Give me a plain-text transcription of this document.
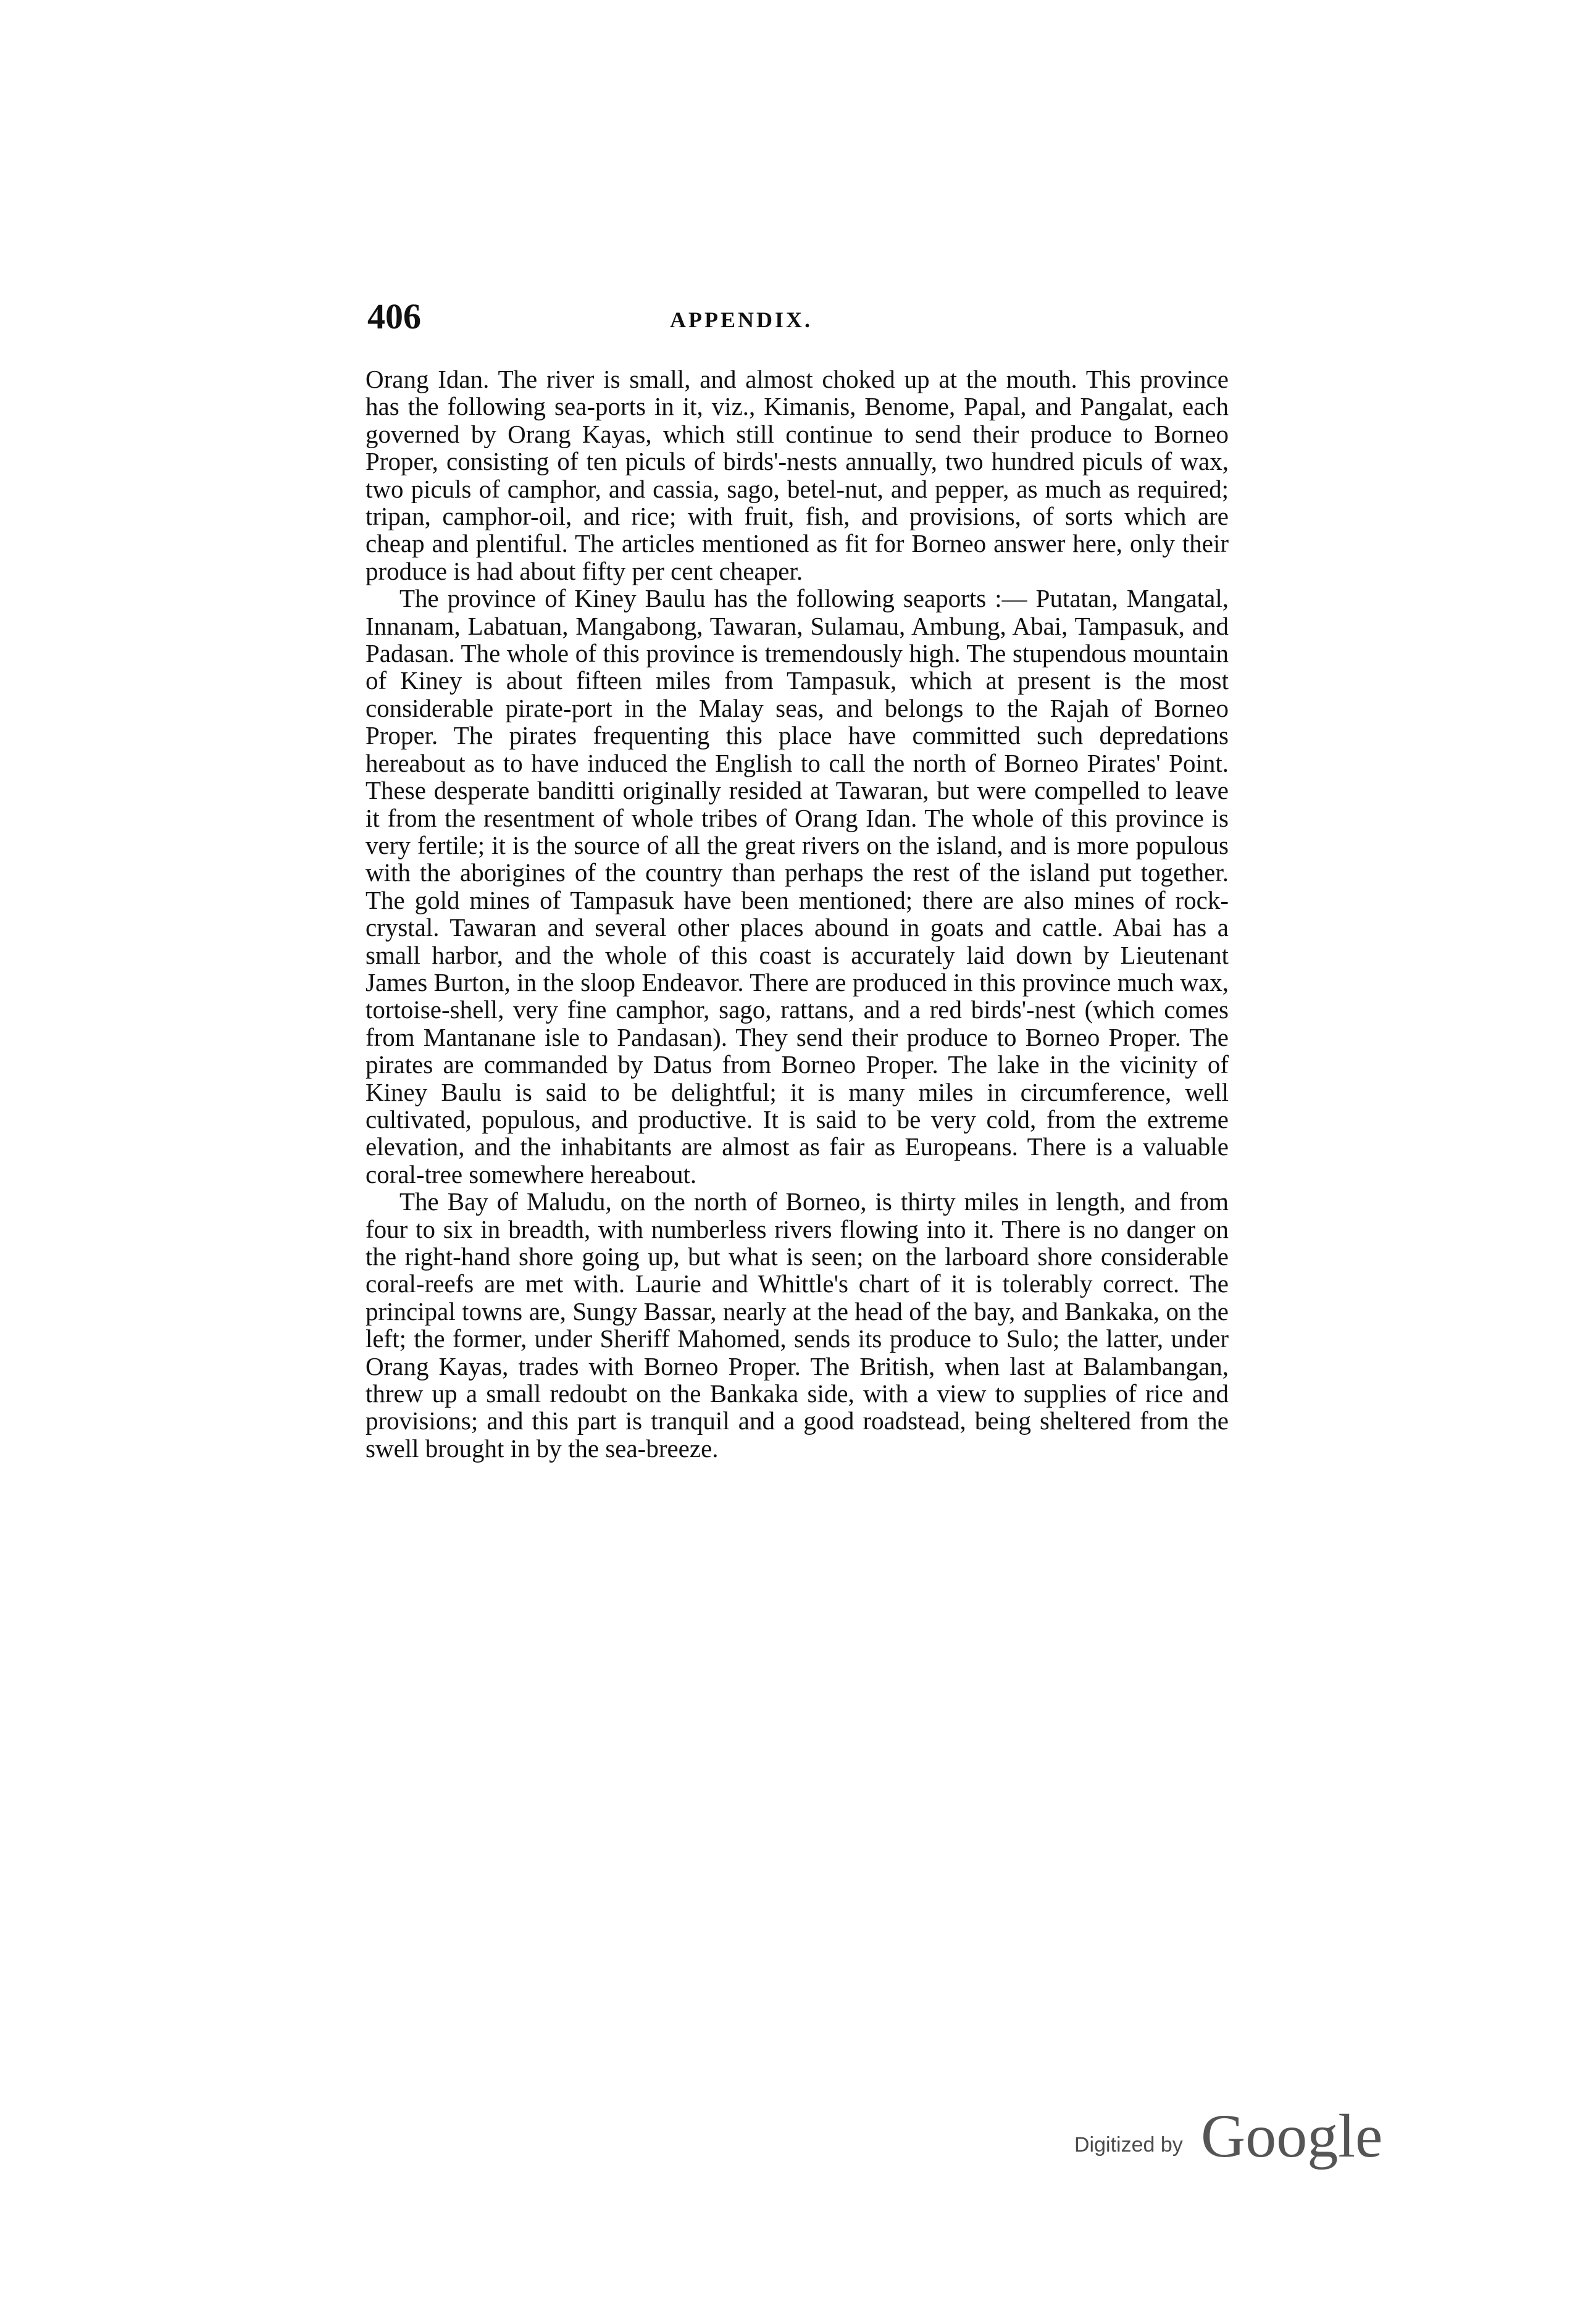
406	APPENDIX.

Orang Idan. The river is small, and almost choked up at the mouth. This province has the following sea-ports in it, viz., Kimanis, Benome, Papal, and Pangalat, each governed by Orang Kayas, which still continue to send their produce to Borneo Proper, consisting of ten piculs of birds'-nests annually, two hundred piculs of wax, two piculs of camphor, and cassia, sago, betel-nut, and pepper, as much as required; tripan, camphor-oil, and rice; with fruit, fish, and provisions, of sorts which are cheap and plentiful. The articles mentioned as fit for Borneo answer here, only their produce is had about fifty per cent cheaper.

The province of Kiney Baulu has the following seaports :— Putatan, Mangatal, Innanam, Labatuan, Mangabong, Tawaran, Sulamau, Ambung, Abai, Tampasuk, and Padasan. The whole of this province is tremendously high. The stupendous mountain of Kiney is about fifteen miles from Tampasuk, which at present is the most considerable pirate-port in the Malay seas, and belongs to the Rajah of Borneo Proper. The pirates frequenting this place have committed such depredations hereabout as to have induced the English to call the north of Borneo Pirates' Point. These desperate banditti originally resided at Tawaran, but were compelled to leave it from the resentment of whole tribes of Orang Idan. The whole of this province is very fertile; it is the source of all the great rivers on the island, and is more populous with the aborigines of the country than perhaps the rest of the island put together. The gold mines of Tampasuk have been mentioned; there are also mines of rock-crystal. Tawaran and several other places abound in goats and cattle. Abai has a small harbor, and the whole of this coast is accurately laid down by Lieutenant James Burton, in the sloop Endeavor. There are produced in this province much wax, tortoise-shell, very fine camphor, sago, rattans, and a red birds'-nest (which comes from Mantanane isle to Pandasan). They send their produce to Borneo Proper. The pirates are commanded by Datus from Borneo Proper. The lake in the vicinity of Kiney Baulu is said to be delightful; it is many miles in circumference, well cultivated, populous, and productive. It is said to be very cold, from the extreme elevation, and the inhabitants are almost as fair as Europeans. There is a valuable coral-tree somewhere hereabout.

The Bay of Maludu, on the north of Borneo, is thirty miles in length, and from four to six in breadth, with numberless rivers flowing into it. There is no danger on the right-hand shore going up, but what is seen; on the larboard shore considerable coral-reefs are met with. Laurie and Whittle's chart of it is tolerably correct. The principal towns are, Sungy Bassar, nearly at the head of the bay, and Bankaka, on the left; the former, under Sheriff Mahomed, sends its produce to Sulo; the latter, under Orang Kayas, trades with Borneo Proper. The British, when last at Balambangan, threw up a small redoubt on the Bankaka side, with a view to supplies of rice and provisions; and this part is tranquil and a good roadstead, being sheltered from the swell brought in by the sea-breeze.

Digitized by Google
